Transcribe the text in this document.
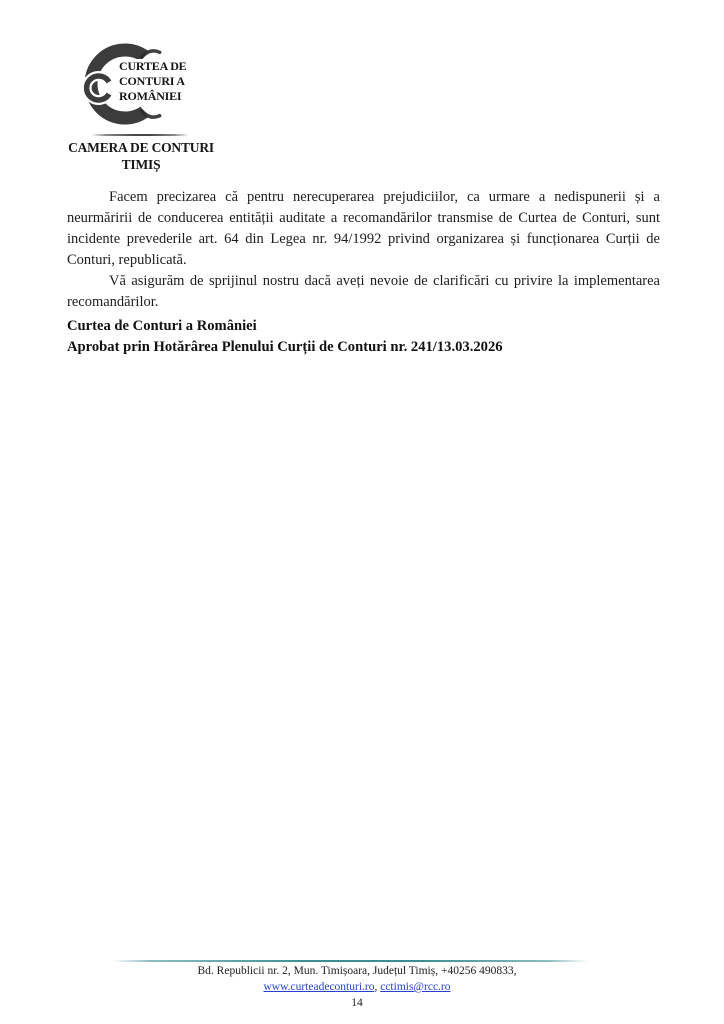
CURTEA DE
CONTURI A
ROMÂNIEI
CAMERA DE CONTURI
TIMIȘ

Facem precizarea că pentru nerecuperarea prejudiciilor, ca urmare a nedispunerii și a neurmăririi de conducerea entității auditate a recomandărilor transmise de Curtea de Conturi, sunt incidente prevederile art. 64 din Legea nr. 94/1992 privind organizarea și funcționarea Curții de Conturi, republicată.

Vă asigurăm de sprijinul nostru dacă aveți nevoie de clarificări cu privire la implementarea recomandărilor.

Curtea de Conturi a României
Aprobat prin Hotărârea Plenului Curții de Conturi nr. 241/13.03.2026
Bd. Republicii nr. 2, Mun. Timișoara, Județul Timiș, +40256 490833,
www.curteadeconturi.ro, cctimis@rcc.ro
14
